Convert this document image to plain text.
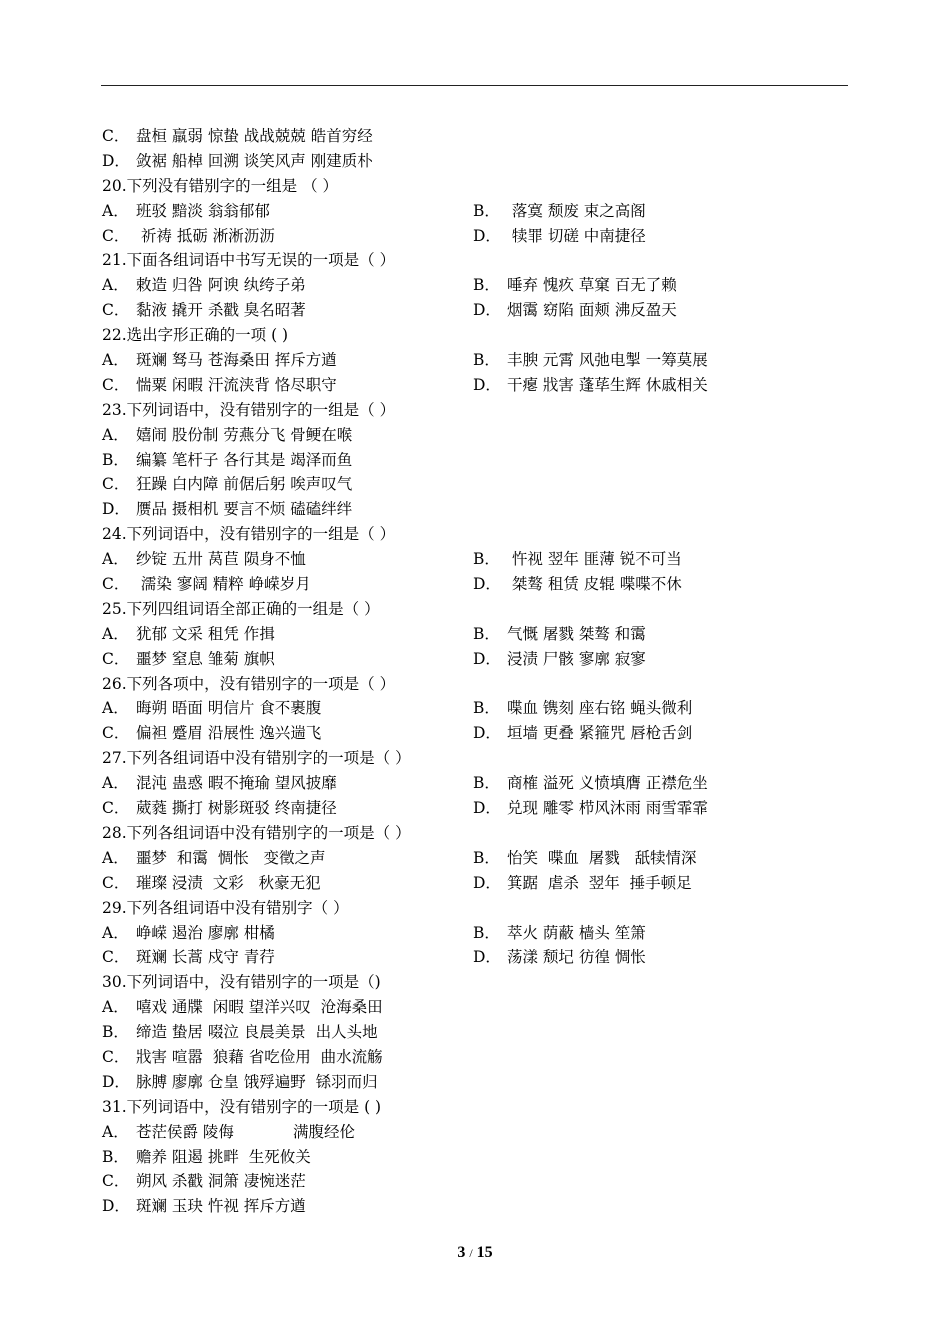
C． 盘桓 羸弱 惊蛰 战战兢兢 皓首穷经
D． 敛裾 船棹 回溯 谈笑风声 刚建质朴
20.下列没有错别字的一组是 （ ）
A． 班驳 黯淡 翁翁郁郁	B． 落寞 颓废 束之高阁
C． 祈祷 抵砺 淅淅沥沥	D． 犊罪 切磋 中南捷径
21.下面各组词语中书写无误的一项是（ ）
A． 敕造 归咎 阿谀 纨绔子弟	B． 唾弃 愧疚 草窠 百无了赖
C． 黏液 撬开 杀戳 臭名昭著	D． 烟霭 窈陷 面颊 沸反盈天
22.选出字形正确的一项 ( )
A． 斑斓 驽马 苍海桑田 挥斥方遒	B． 丰腴 元霄 风弛电掣 一筹莫展
C． 惴粟 闲暇 汗流浃背 恪尽职守	D． 干瘪 戕害 蓬荜生辉 休戚相关
23.下列词语中，没有错别字的一组是（ ）
A． 嬉闹 股份制 劳燕分飞 骨鲠在喉
B． 编纂 笔杆子 各行其是 竭泽而鱼
C． 狂躁 白内障 前倨后躬 唉声叹气
D． 赝品 摄相机 要言不烦 磕磕绊绊
24.下列词语中，没有错别字的一组是（ ）
A． 纱锭 五卅 莴苣 陨身不恤	B． 忤视 翌年 匪薄 锐不可当
C． 濡染 寥阔 精粹 峥嵘岁月	D． 桀骜 租赁 皮辊 喋喋不休
25.下列四组词语全部正确的一组是（ ）
A． 犹郁 文采 租凭 作揖	B． 气慨 屠戮 桀骜 和霭
C． 噩梦 窒息 雏菊 旗帜	D． 浸渍 尸骸 寥廓 寂寥
26.下列各项中，没有错别字的一项是（ ）
A． 晦朔 晤面 明信片 食不裹腹	B． 喋血 镌刻 座右铭 蝇头微利
C． 偏袒 蹙眉 沿展性 逸兴遄飞	D． 垣墙 更叠 紧箍咒 唇枪舌剑
27.下列各组词语中没有错别字的一项是（ ）
A． 混沌 蛊惑 暇不掩瑜 望风披靡	B． 商榷 溢死 义愤填膺 正襟危坐
C． 葳蕤 撕打 树影斑驳 终南捷径	D． 兑现 雕零 栉风沐雨 雨雪霏霏
28.下列各组词语中没有错别字的一项是（ ）
A． 噩梦  和霭  惆怅   变徵之声	B． 怡笑  喋血  屠戮   舐犊情深
C． 璀璨 浸渍  文彩   秋豪无犯	D． 箕踞  虐杀  翌年  捶手顿足
29.下列各组词语中没有错别字（ ）
A． 峥嵘 遏治 廖廓 柑橘	B． 萃火 荫蔽 樯头 笙箫
C． 斑斓 长蒿 戍守 青荇	D． 荡漾 颓圮 彷徨 惆怅
30.下列词语中，没有错别字的一项是（)
A． 嘻戏 通牒  闲暇 望洋兴叹  沧海桑田
B． 缔造 蛰居 啜泣 良晨美景  出人头地
C． 戕害 喧嚣  狼藉 省吃俭用  曲水流觞
D． 脉膊 廖廓 仓皇 饿殍遍野  铩羽而归
31.下列词语中，没有错别字的一项是 ( )
A． 苍茫侯爵 陵侮            满腹经伦
B． 赡养 阻遏 挑畔  生死攸关
C． 朔风 杀戳 洞箫 凄惋迷茫
D． 斑斓 玉玦 忤视 挥斥方遒
3 / 15
